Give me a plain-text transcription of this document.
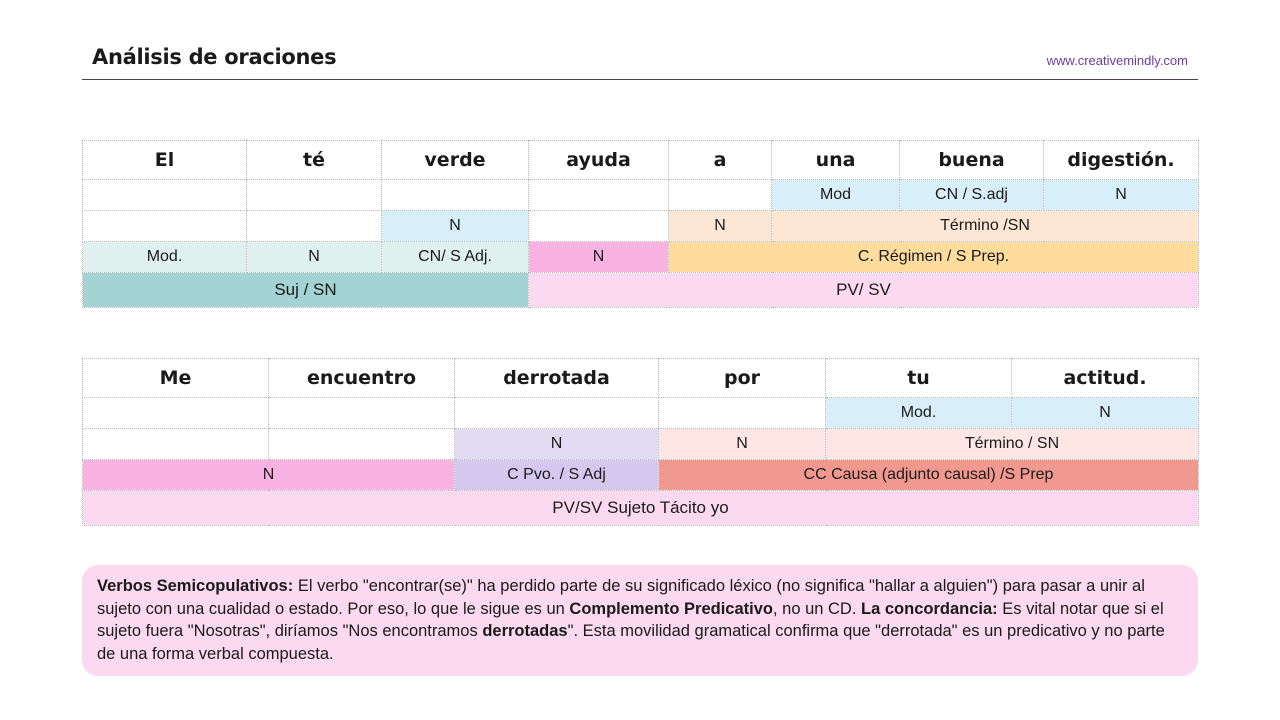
Análisis de oraciones	www.creativemindly.com
El	té	verde	ayuda	a	una	buena	digestión.
					Mod	CN / S.adj	N
		N		N	Término /SN		
Mod.	N	CN/ S Adj.	N	C. Régimen / S Prep.			
Suj / SN			PV/ SV				
Me	encuentro	derrotada	por	tu	actitud.
				Mod.	N
		N	N	Término / SN	
N		C Pvo. / S Adj	CC Causa (adjunto causal) /S Prep		
PV/SV Sujeto Tácito yo					
Verbos Semicopulativos: El verbo "encontrar(se)" ha perdido parte de su significado léxico (no significa "hallar a alguien") para pasar a unir al sujeto con una cualidad o estado. Por eso, lo que le sigue es un Complemento Predicativo, no un CD. La concordancia: Es vital notar que si el sujeto fuera "Nosotras", diríamos "Nos encontramos derrotadas". Esta movilidad gramatical confirma que "derrotada" es un predicativo y no parte de una forma verbal compuesta.
